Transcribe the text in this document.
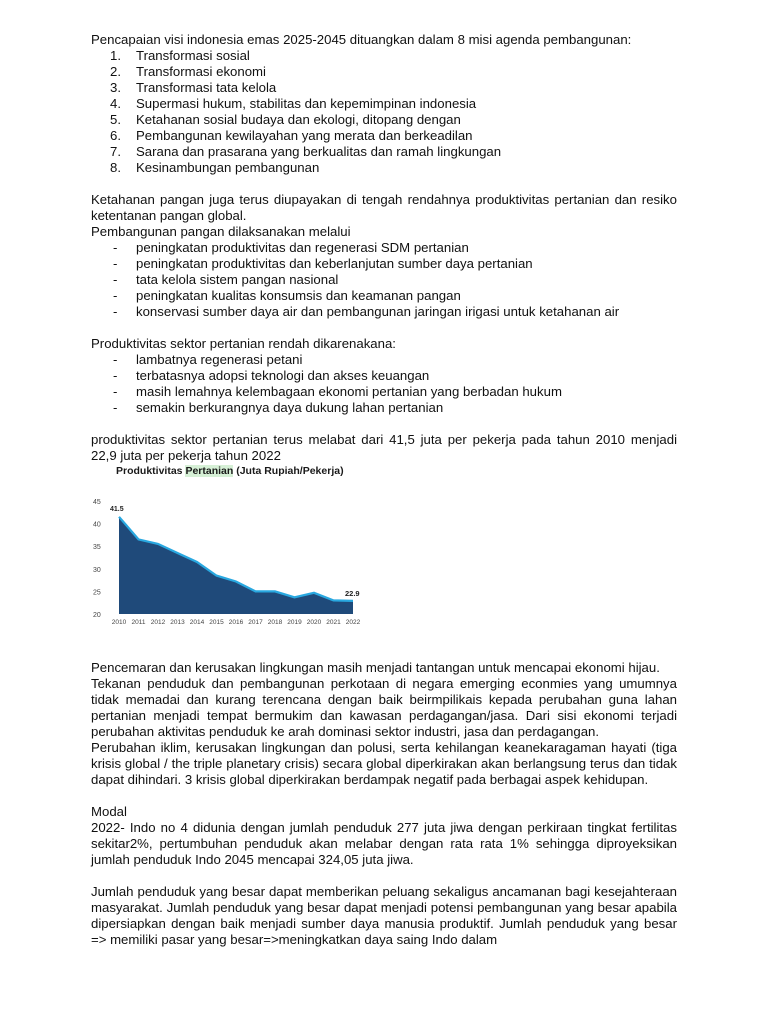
Pencapaian visi indonesia emas 2025-2045 dituangkan dalam 8 misi agenda pembangunan:

1. Transformasi sosial
2. Transformasi ekonomi
3. Transformasi tata kelola
4. Supermasi hukum, stabilitas dan kepemimpinan indonesia
5. Ketahanan sosial budaya dan ekologi, ditopang dengan
6. Pembangunan kewilayahan yang merata dan berkeadilan
7. Sarana dan prasarana yang berkualitas dan ramah lingkungan
8. Kesinambungan pembangunan

Ketahanan pangan juga terus diupayakan di tengah rendahnya produktivitas pertanian dan resiko ketentanan pangan global.

Pembangunan pangan dilaksanakan melalui

- peningkatan produktivitas dan regenerasi SDM pertanian
- peningkatan produktivitas dan keberlanjutan sumber daya pertanian
- tata kelola sistem pangan nasional
- peningkatan kualitas konsumsis dan keamanan pangan
- konservasi sumber daya air dan pembangunan jaringan irigasi untuk ketahanan air

Produktivitas sektor pertanian rendah dikarenakana:

- lambatnya regenerasi petani
- terbatasnya adopsi teknologi dan akses keuangan
- masih lemahnya kelembagaan ekonomi pertanian yang berbadan hukum
- semakin berkurangnya daya dukung lahan pertanian

produktivitas sektor pertanian terus melabat dari 41,5 juta per pekerja pada tahun 2010 menjadi 22,9 juta per pekerja tahun 2022

Produktivitas Pertanian (Juta Rupiah/Pekerja)
20
25
30
35
40
45
2010 2011 2012 2013 2014 2015 2016 2017 2018 2019 2020 2021 2022
41.5
22.9

Pencemaran dan kerusakan lingkungan masih menjadi tantangan untuk mencapai ekonomi hijau.

Tekanan penduduk dan pembangunan perkotaan di negara emerging econmies yang umumnya tidak memadai dan kurang terencana dengan baik beirmpilikais kepada perubahan guna lahan pertanian menjadi tempat bermukim dan kawasan perdagangan/jasa. Dari sisi ekonomi terjadi perubahan aktivitas penduduk ke arah dominasi sektor industri, jasa dan perdagangan.

Perubahan iklim, kerusakan lingkungan dan polusi, serta kehilangan keanekaragaman hayati (tiga krisis global / the triple planetary crisis) secara global diperkirakan akan berlangsung terus dan tidak dapat dihindari. 3 krisis global diperkirakan berdampak negatif pada berbagai aspek kehidupan.

Modal

2022- Indo no 4 didunia dengan jumlah penduduk 277 juta jiwa dengan perkiraan tingkat fertilitas sekitar2%, pertumbuhan penduduk akan melabar dengan rata rata 1% sehingga diproyeksikan jumlah penduduk Indo 2045 mencapai 324,05 juta jiwa.

Jumlah penduduk yang besar dapat memberikan peluang sekaligus ancamanan bagi kesejahteraan masyarakat. Jumlah penduduk yang besar dapat menjadi potensi pembangunan yang besar apabila dipersiapkan dengan baik menjadi sumber daya manusia produktif. Jumlah penduduk yang besar => memiliki pasar yang besar=>meningkatkan daya saing Indo dalam
